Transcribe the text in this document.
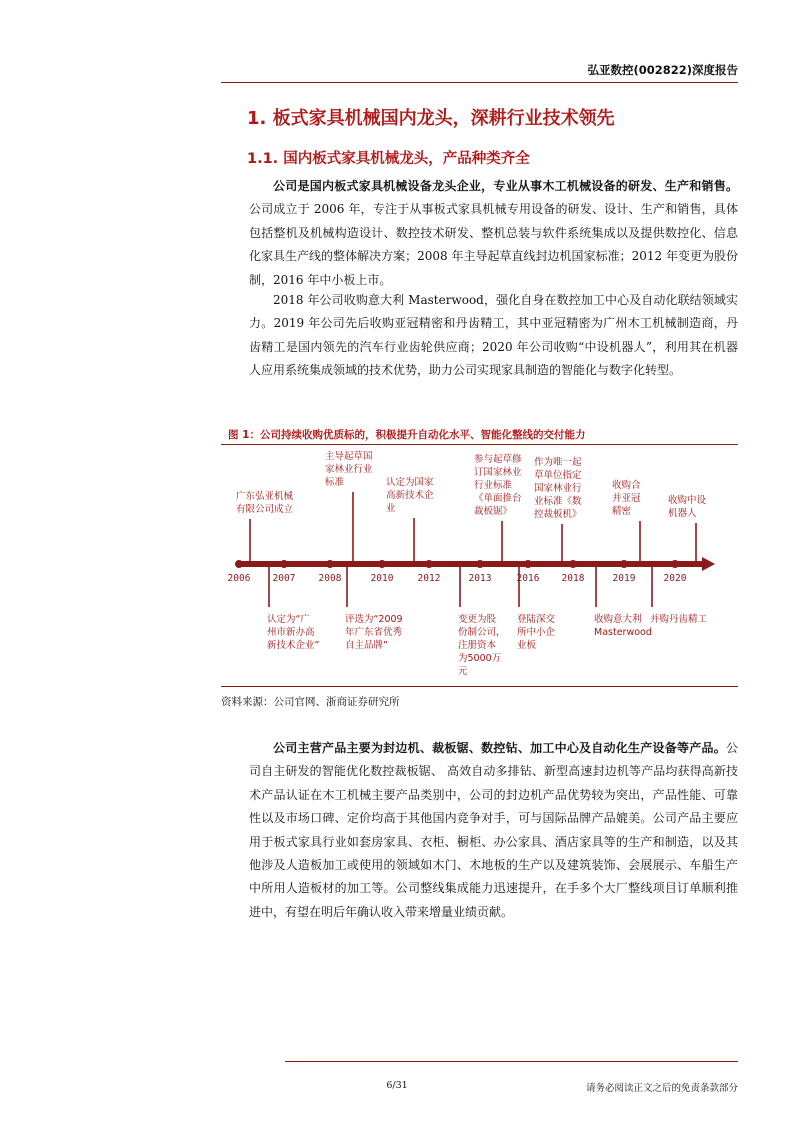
弘亚数控(002822)深度报告
1. 板式家具机械国内龙头，深耕行业技术领先
1.1. 国内板式家具机械龙头，产品种类齐全

公司是国内板式家具机械设备龙头企业，专业从事木工机械设备的研发、生产和销售。公司成立于 2006 年，专注于从事板式家具机械专用设备的研发、设计、生产和销售，具体包括整机及机械构造设计、数控技术研发、整机总装与软件系统集成以及提供数控化、信息化家具生产线的整体解决方案；2008 年主导起草直线封边机国家标准；2012 年变更为股份制，2016 年中小板上市。

2018 年公司收购意大利 Masterwood，强化自身在数控加工中心及自动化联结领域实力。2019 年公司先后收购亚冠精密和丹齿精工，其中亚冠精密为广州木工机械制造商，丹齿精工是国内领先的汽车行业齿轮供应商；2020 年公司收购“中设机器人”，利用其在机器人应用系统集成领域的技术优势，助力公司实现家具制造的智能化与数字化转型。

图 1：公司持续收购优质标的，积极提升自动化水平、智能化整线的交付能力
2006	2007	2008	2010	2012	2013	2016	2018	2019	2020
广东弘亚机械
有限公司成立
主导起草国
家林业行业
标准	认定为国家
高新技术企
业
参与起草修
订国家林业
行业标准
《单面推台
裁板锯》
作为唯一起
草单位指定
国家林业行
业标准《数
控裁板机》
收购合
并亚冠
精密
收购中设
机器人
认定为“广
州市新办高
新技术企业”
评选为“2009
年广东省优秀
自主品牌”
变更为股
份制公司，
注册资本
为5000万
元
登陆深交
所中小企
业板
收购意大利
Masterwood
并购丹齿精工
资料来源：公司官网、浙商证券研究所

公司主营产品主要为封边机、裁板锯、数控钻、加工中心及自动化生产设备等产品。公司自主研发的智能优化数控裁板锯、 高效自动多排钻、新型高速封边机等产品均获得高新技术产品认证在木工机械主要产品类别中，公司的封边机产品优势较为突出，产品性能、可靠性以及市场口碑、定价均高于其他国内竞争对手，可与国际品牌产品媲美。公司产品主要应用于板式家具行业如套房家具、衣柜、橱柜、办公家具、酒店家具等的生产和制造，以及其他涉及人造板加工或使用的领域如木门、木地板的生产以及建筑装饰、会展展示、车船生产中所用人造板材的加工等。公司整线集成能力迅速提升，在手多个大厂整线项目订单顺利推进中，有望在明后年确认收入带来增量业绩贡献。

6/31	请务必阅读正文之后的免责条款部分
